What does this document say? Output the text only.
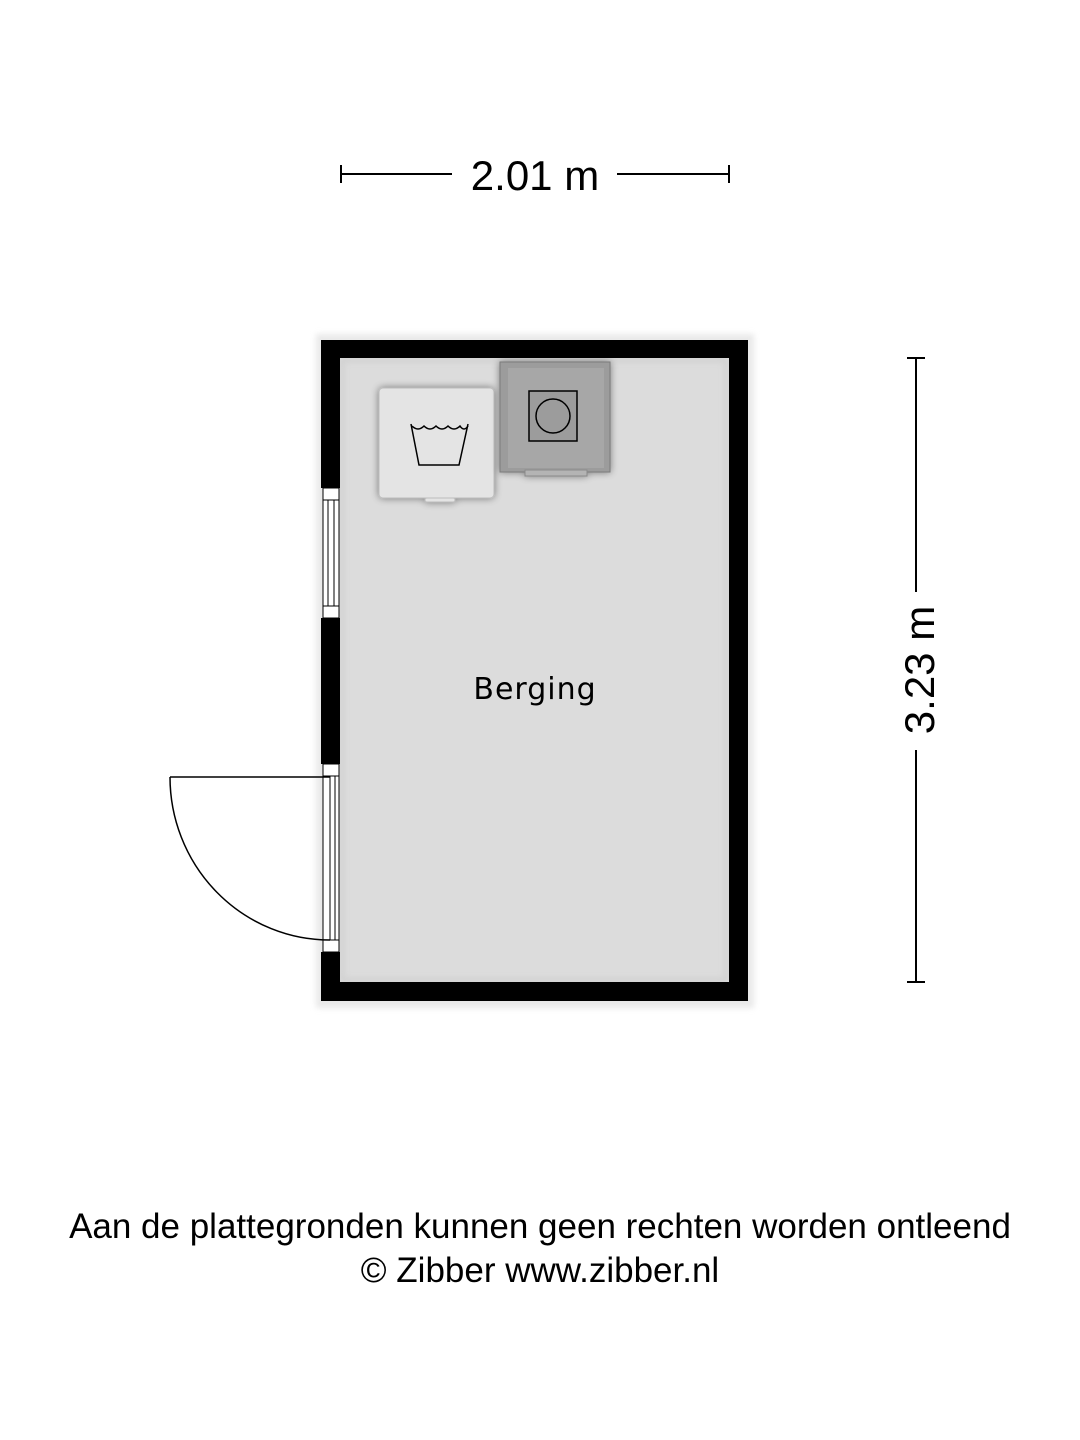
2.01 m
3.23 m
Berging
Aan de plattegronden kunnen geen rechten worden ontleend
© Zibber www.zibber.nl
